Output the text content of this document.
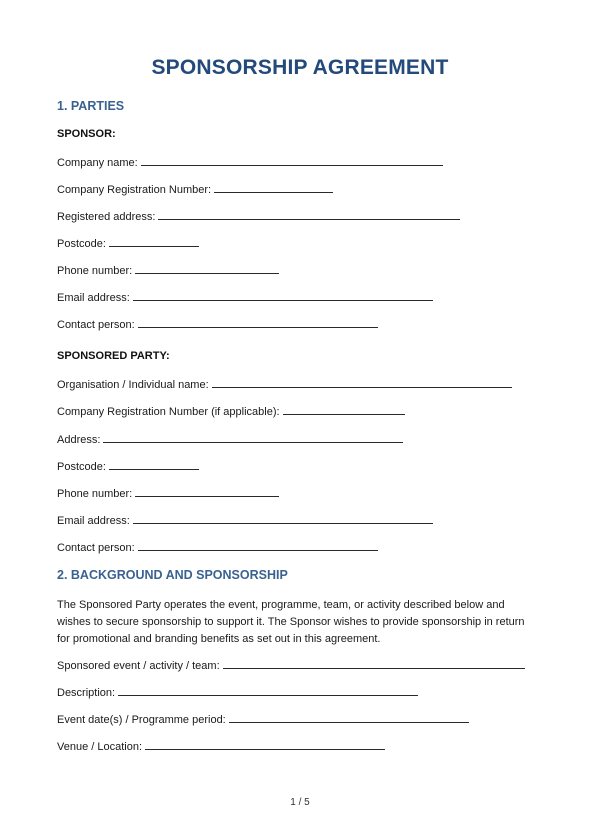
SPONSORSHIP AGREEMENT
1. PARTIES
SPONSOR:
Company name:
Company Registration Number:
Registered address:
Postcode:
Phone number:
Email address:
Contact person:
SPONSORED PARTY:
Organisation / Individual name:
Company Registration Number (if applicable):
Address:
Postcode:
Phone number:
Email address:
Contact person:
2. BACKGROUND AND SPONSORSHIP
The Sponsored Party operates the event, programme, team, or activity described below and
wishes to secure sponsorship to support it. The Sponsor wishes to provide sponsorship in return
for promotional and branding benefits as set out in this agreement.
Sponsored event / activity / team:
Description:
Event date(s) / Programme period:
Venue / Location:
1 / 5
